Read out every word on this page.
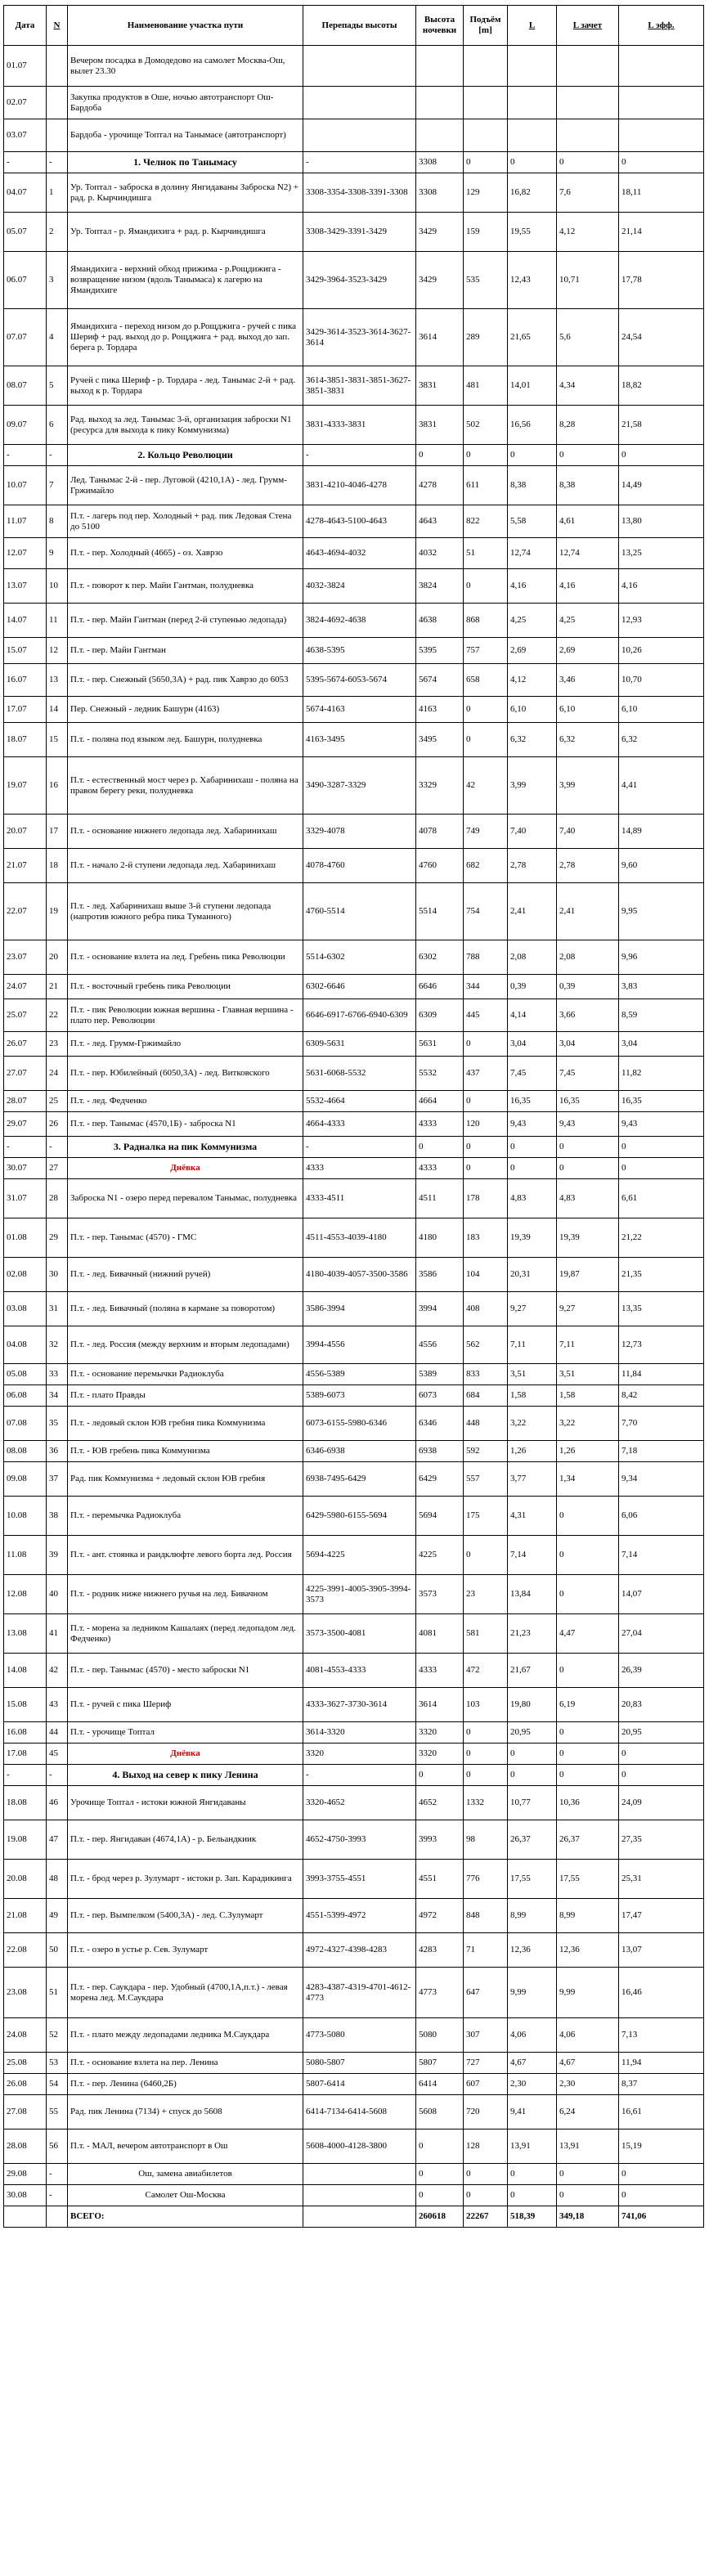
Дата	N	Наименование участка пути	Перепады высоты	Высота ночевки	Подъём [m]	L	L зачет	L эфф.
01.07		Вечером посадка в Домодедово на самолет Москва-Ош, вылет 23.30						
02.07		Закупка продуктов в Оше, ночью автотранспорт Ош-Бардоба						
03.07		Бардоба - урочище Топтал на Танымасе (автотранспорт)						
-	-	1. Челнок по Танымасу	-	3308	0	0	0	0
04.07	1	Ур. Топтал - заброска в долину Янгидаваны Заброска N2) + рад. р. Кырчиндишга	3308-3354-3308-3391-3308	3308	129	16,82	7,6	18,11
05.07	2	Ур. Топтал - р. Ямандихига + рад. р. Кырчиндишга	3308-3429-3391-3429	3429	159	19,55	4,12	21,14
06.07	3	Ямандихига - верхний обход прижима - р.Рощдижига - возвращение низом (вдоль Танымаса) к лагерю на Ямандихиге	3429-3964-3523-3429	3429	535	12,43	10,71	17,78
07.07	4	Ямандихига - переход низом до р.Рощджига - ручей с пика Шериф + рад. выход до р. Рощджига + рад. выход до зап. берега р. Тордара	3429-3614-3523-3614-3627-3614	3614	289	21,65	5,6	24,54
08.07	5	Ручей с пика Шериф - р. Тордара - лед. Танымас 2-й + рад. выход к р. Тордара	3614-3851-3831-3851-3627-3851-3831	3831	481	14,01	4,34	18,82
09.07	6	Рад. выход за лед. Танымас 3-й, организация заброски N1 (ресурса для выхода к пику Коммунизма)	3831-4333-3831	3831	502	16,56	8,28	21,58
-	-	2. Кольцо Революции	-	0	0	0	0	0
10.07	7	Лед. Танымас 2-й - пер. Луговой (4210,1А) - лед. Грумм-Гржимайло	3831-4210-4046-4278	4278	611	8,38	8,38	14,49
11.07	8	П.т. - лагерь под пер. Холодный + рад. пик Ледовая Стена до 5100	4278-4643-5100-4643	4643	822	5,58	4,61	13,80
12.07	9	П.т. - пер. Холодный (4665) - оз. Хаврзо	4643-4694-4032	4032	51	12,74	12,74	13,25
13.07	10	П.т. - поворот к пер. Майи Гантман, полудневка	4032-3824	3824	0	4,16	4,16	4,16
14.07	11	П.т. - пер. Майи Гантман (перед 2-й ступенью ледопада)	3824-4692-4638	4638	868	4,25	4,25	12,93
15.07	12	П.т. - пер. Майи Гантман	4638-5395	5395	757	2,69	2,69	10,26
16.07	13	П.т. - пер. Снежный (5650,3А) + рад. пик Хаврзо до 6053	5395-5674-6053-5674	5674	658	4,12	3,46	10,70
17.07	14	Пер. Снежный - ледник Башурн (4163)	5674-4163	4163	0	6,10	6,10	6,10
18.07	15	П.т. - поляна под языком лед. Башурн, полудневка	4163-3495	3495	0	6,32	6,32	6,32
19.07	16	П.т. - естественный мост через р. Хабаринихаш - поляна на правом берегу реки, полудневка	3490-3287-3329	3329	42	3,99	3,99	4,41
20.07	17	П.т. - основание нижнего ледопада лед. Хабаринихаш	3329-4078	4078	749	7,40	7,40	14,89
21.07	18	П.т. - начало 2-й ступени ледопада лед. Хабаринихаш	4078-4760	4760	682	2,78	2,78	9,60
22.07	19	П.т. - лед. Хабаринихаш выше 3-й ступени ледопада (напротив южного ребра пика Туманного)	4760-5514	5514	754	2,41	2,41	9,95
23.07	20	П.т. - основание взлета на лед. Гребень пика Революции	5514-6302	6302	788	2,08	2,08	9,96
24.07	21	П.т. - восточный гребень пика Революции	6302-6646	6646	344	0,39	0,39	3,83
25.07	22	П.т. - пик Революции южная вершина - Главная вершина - плато пер. Революции	6646-6917-6766-6940-6309	6309	445	4,14	3,66	8,59
26.07	23	П.т. - лед. Грумм-Гржимайло	6309-5631	5631	0	3,04	3,04	3,04
27.07	24	П.т. - пер. Юбилейный (6050,3А) - лед. Витковского	5631-6068-5532	5532	437	7,45	7,45	11,82
28.07	25	П.т. - лед. Федченко	5532-4664	4664	0	16,35	16,35	16,35
29.07	26	П.т. - пер. Танымас (4570,1Б) - заброска N1	4664-4333	4333	120	9,43	9,43	9,43
-	-	3. Радиалка на пик Коммунизма	-	0	0	0	0	0
30.07	27	Днёвка	4333	4333	0	0	0	0
31.07	28	Заброска N1 - озеро перед перевалом Танымас, полудневка	4333-4511	4511	178	4,83	4,83	6,61
01.08	29	П.т. - пер. Танымас (4570) - ГМС	4511-4553-4039-4180	4180	183	19,39	19,39	21,22
02.08	30	П.т. - лед. Бивачный (нижний ручей)	4180-4039-4057-3500-3586	3586	104	20,31	19,87	21,35
03.08	31	П.т. - лед. Бивачный (поляна в кармане за поворотом)	3586-3994	3994	408	9,27	9,27	13,35
04.08	32	П.т. - лед. Россия (между верхним и вторым ледопадами)	3994-4556	4556	562	7,11	7,11	12,73
05.08	33	П.т. - основание перемычки Радиоклуба	4556-5389	5389	833	3,51	3,51	11,84
06.08	34	П.т. - плато Правды	5389-6073	6073	684	1,58	1,58	8,42
07.08	35	П.т. - ледовый склон ЮВ гребня пика Коммунизма	6073-6155-5980-6346	6346	448	3,22	3,22	7,70
08.08	36	П.т. - ЮВ гребень пика Коммунизма	6346-6938	6938	592	1,26	1,26	7,18
09.08	37	Рад. пик Коммунизма + ледовый склон ЮВ гребня	6938-7495-6429	6429	557	3,77	1,34	9,34
10.08	38	П.т. - перемычка Радиоклуба	6429-5980-6155-5694	5694	175	4,31	0	6,06
11.08	39	П.т. - ант. стоянка и рандклюфте левого борта лед. Россия	5694-4225	4225	0	7,14	0	7,14
12.08	40	П.т. - родник ниже нижнего ручья на лед. Бивачном	4225-3991-4005-3905-3994-3573	3573	23	13,84	0	14,07
13.08	41	П.т. - морена за ледником Кашалаях (перед ледопадом лед. Федченко)	3573-3500-4081	4081	581	21,23	4,47	27,04
14.08	42	П.т. - пер. Танымас (4570) - место заброски N1	4081-4553-4333	4333	472	21,67	0	26,39
15.08	43	П.т. - ручей с пика Шериф	4333-3627-3730-3614	3614	103	19,80	6,19	20,83
16.08	44	П.т. - урочище Топтал	3614-3320	3320	0	20,95	0	20,95
17.08	45	Днёвка	3320	3320	0	0	0	0
-	-	4. Выход на север к пику Ленина	-	0	0	0	0	0
18.08	46	Урочище Топтал - истоки южной Янгидаваны	3320-4652	4652	1332	10,77	10,36	24,09
19.08	47	П.т. - пер. Янгидаван (4674,1А) - р. Бельандкиик	4652-4750-3993	3993	98	26,37	26,37	27,35
20.08	48	П.т. - брод через р. Зулумарт - истоки р. Зап. Карадикинга	3993-3755-4551	4551	776	17,55	17,55	25,31
21.08	49	П.т. - пер. Вымпелком (5400,3А) - лед. С.Зулумарт	4551-5399-4972	4972	848	8,99	8,99	17,47
22.08	50	П.т. - озеро в устье р. Сев. Зулумарт	4972-4327-4398-4283	4283	71	12,36	12,36	13,07
23.08	51	П.т. - пер. Саукдара - пер. Удобный (4700,1А,п.т.) - левая морена лед. М.Саукдара	4283-4387-4319-4701-4612-4773	4773	647	9,99	9,99	16,46
24.08	52	П.т. - плато между ледопадами ледника М.Саукдара	4773-5080	5080	307	4,06	4,06	7,13
25.08	53	П.т. - основание взлета на пер. Ленина	5080-5807	5807	727	4,67	4,67	11,94
26.08	54	П.т. - пер. Ленина (6460,2Б)	5807-6414	6414	607	2,30	2,30	8,37
27.08	55	Рад. пик Ленина (7134) + спуск до 5608	6414-7134-6414-5608	5608	720	9,41	6,24	16,61
28.08	56	П.т. - МАЛ, вечером автотранспорт в Ош	5608-4000-4128-3800	0	128	13,91	13,91	15,19
29.08	-	Ош, замена авиабилетов		0	0	0	0	0
30.08	-	Самолет Ош-Москва		0	0	0	0	0
		ВСЕГО:		260618	22267	518,39	349,18	741,06
